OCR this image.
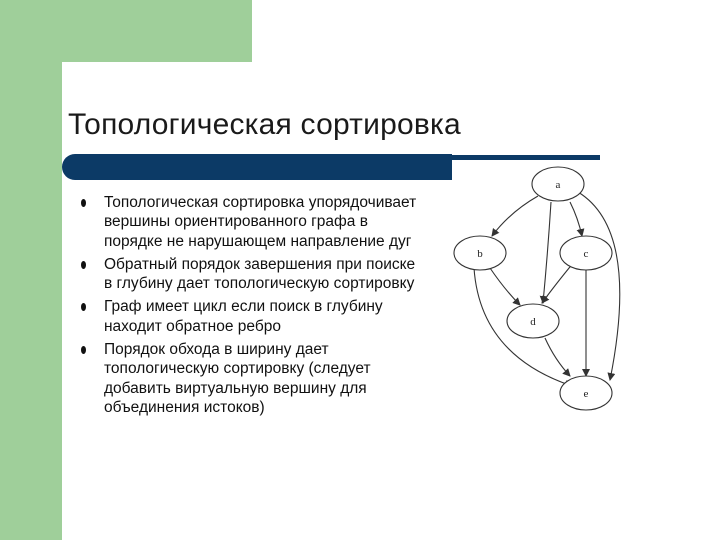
Топологическая сортировка
Топологическая сортировка упорядочивает вершины ориентированного графа в порядке не нарушающем направление дуг
Обратный порядок завершения при поиске в глубину дает топологическую сортировку
Граф имеет цикл если поиск в глубину находит обратное ребро
Порядок обхода в ширину дает топологическую сортировку (следует добавить виртуальную вершину для объединения истоков)
a
b	c
d
e
